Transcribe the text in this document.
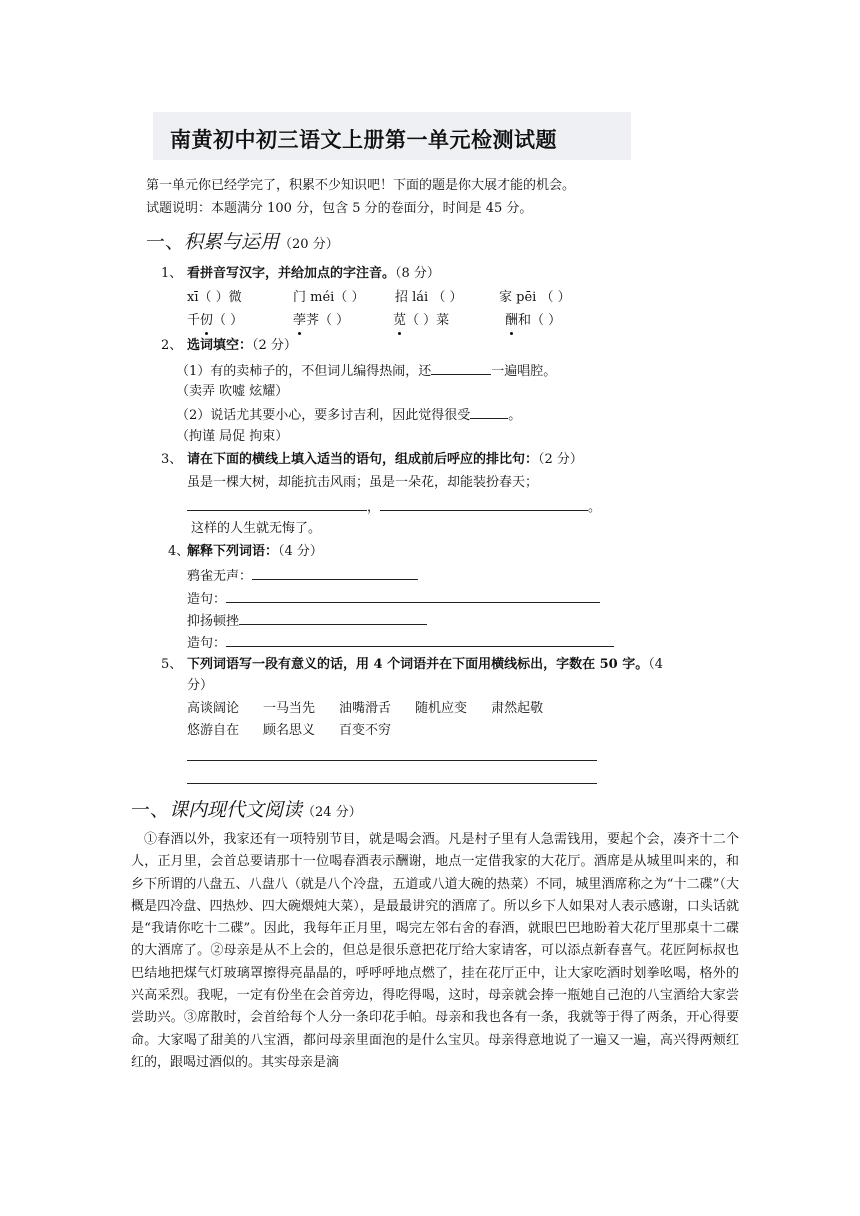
南黄初中初三语文上册第一单元检测试题
第一单元你已经学完了，积累不少知识吧！下面的题是你大展才能的机会。
试题说明：本题满分 100 分，包含 5 分的卷面分，时间是 45 分。
一、积累与运用（20 分）
1、 看拼音写汉字，并给加点的字注音。（8 分）
xī（ ）微	门 méi（ ） 招 lái （ ）	家 pēi （ ）
千仞（ ）	荸荠（ ）	苋（ ）菜	酬和（ ）
2、 选词填空：（2 分）
（1）有的卖柿子的，不但词儿编得热闹，还	一遍唱腔。
（卖弄 吹嘘 炫耀）
（2）说话尤其要小心，要多讨吉利，因此觉得很受	。
（拘谨 局促 拘束）
3、 请在下面的横线上填入适当的语句，组成前后呼应的排比句：（2 分）
虽是一棵大树，却能抗击风雨；虽是一朵花，却能装扮春天；
，	。
这样的人生就无悔了。
4、解释下列词语：（4 分）
鸦雀无声：
造句：
抑扬顿挫
造句：
5、 下列词语写一段有意义的话，用 4 个词语并在下面用横线标出，字数在 50 字。（4
分）
高谈阔论 一马当先 油嘴滑舌 随机应变 肃然起敬
悠游自在 顾名思义 百变不穷
一、课内现代文阅读（24 分）

①春酒以外，我家还有一项特别节目，就是喝会酒。凡是村子里有人急需钱用，要起个会，凑齐十二个人，正月里，会首总要请那十一位喝春酒表示酬谢，地点一定借我家的大花厅。酒席是从城里叫来的，和乡下所谓的八盘五、八盘八（就是八个冷盘，五道或八道大碗的热菜）不同，城里酒席称之为“十二碟”（大概是四冷盘、四热炒、四大碗煨炖大菜），是最最讲究的酒席了。所以乡下人如果对人表示感谢，口头话就是“我请你吃十二碟”。因此，我每年正月里，喝完左邻右舍的春酒，就眼巴巴地盼着大花厅里那桌十二碟的大酒席了。②母亲是从不上会的，但总是很乐意把花厅给大家请客，可以添点新春喜气。花匠阿标叔也巴结地把煤气灯玻璃罩擦得亮晶晶的，呼呼呼地点燃了，挂在花厅正中，让大家吃酒时划拳吆喝，格外的兴高采烈。我呢，一定有份坐在会首旁边，得吃得喝，这时，母亲就会捧一瓶她自己泡的八宝酒给大家尝尝助兴。③席散时，会首给每个人分一条印花手帕。母亲和我也各有一条，我就等于得了两条，开心得要命。大家喝了甜美的八宝酒，都问母亲里面泡的是什么宝贝。母亲得意地说了一遍又一遍，高兴得两颊红红的，跟喝过酒似的。其实母亲是滴
